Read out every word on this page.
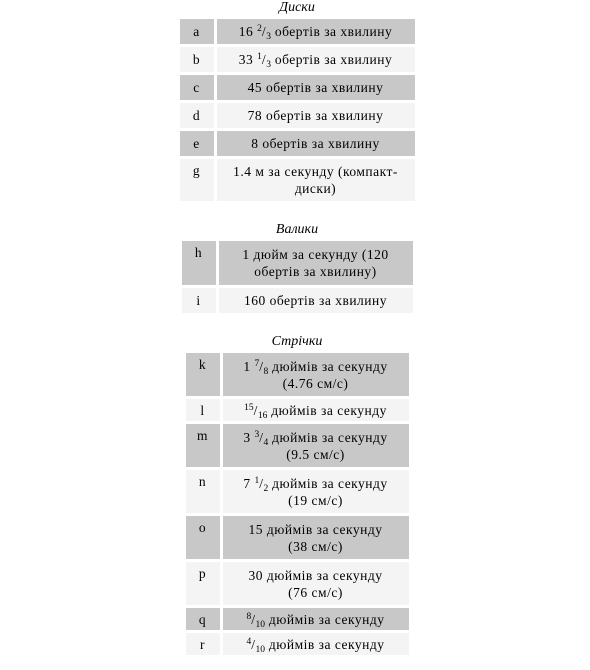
Диски
a	16 $^2/_3$ обертів за хвилину
b	33 $^1/_3$ обертів за хвилину
c	45 обертів за хвилину
d	78 обертів за хвилину
e	8 обертів за хвилину
g	1.4 м за секунду (компакт-
диски)
Валики
h	1 дюйм за секунду (120
обертів за хвилину)

i	160 обертів за хвилину
Стрічки
k	1 $^7/_8$ дюймів за секунду
(4.76 см/с)

l	$^{15}/_{16}$ дюймів за секунду
m	3 $^3/_4$ дюймів за секунду
(9.5 см/с)

n	7 $^1/_2$ дюймів за секунду
(19 см/с)

o	15 дюймів за секунду
(38 см/с)

p	30 дюймів за секунду
(76 см/с)

q	$^8/_{10}$ дюймів за секунду
r	$^4/_{10}$ дюймів за секунду
